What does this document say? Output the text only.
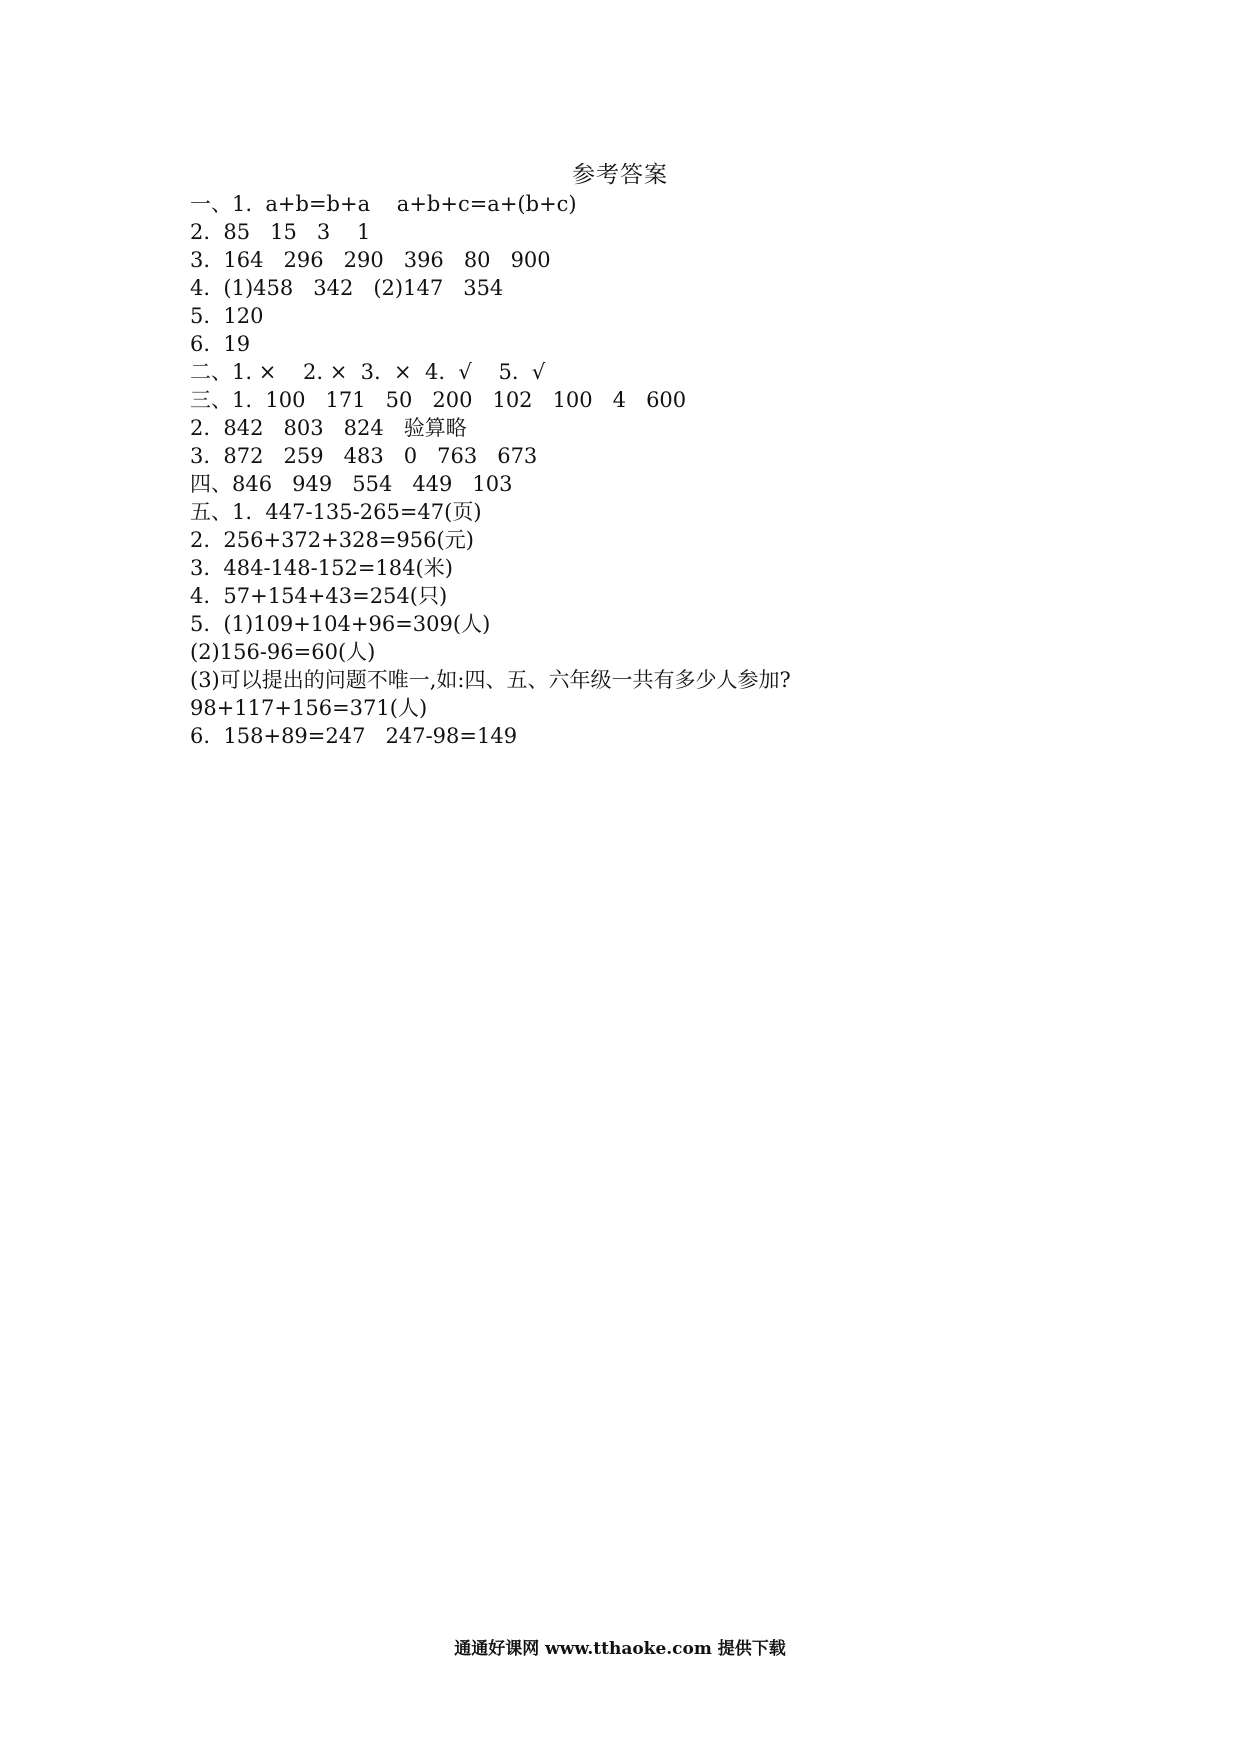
参考答案
一、1.  a+b=b+a    a+b+c=a+(b+c)
2.  85   15   3    1
3.  164   296   290   396   80   900
4.  (1)458   342   (2)147   354
5.  120
6.  19
二、1. ×    2. ×  3.  ×  4.  √    5.  √
三、1.  100   171   50   200   102   100   4   600
2.  842   803   824   验算略
3.  872   259   483   0   763   673
四、846   949   554   449   103
五、1.  447-135-265=47(页)
2.  256+372+328=956(元)
3.  484-148-152=184(米)
4.  57+154+43=254(只)
5.  (1)109+104+96=309(人)
(2)156-96=60(人)
(3)可以提出的问题不唯一,如:四、五、六年级一共有多少人参加?
98+117+156=371(人)
6.  158+89=247   247-98=149
通通好课网 www.tthaoke.com 提供下载
